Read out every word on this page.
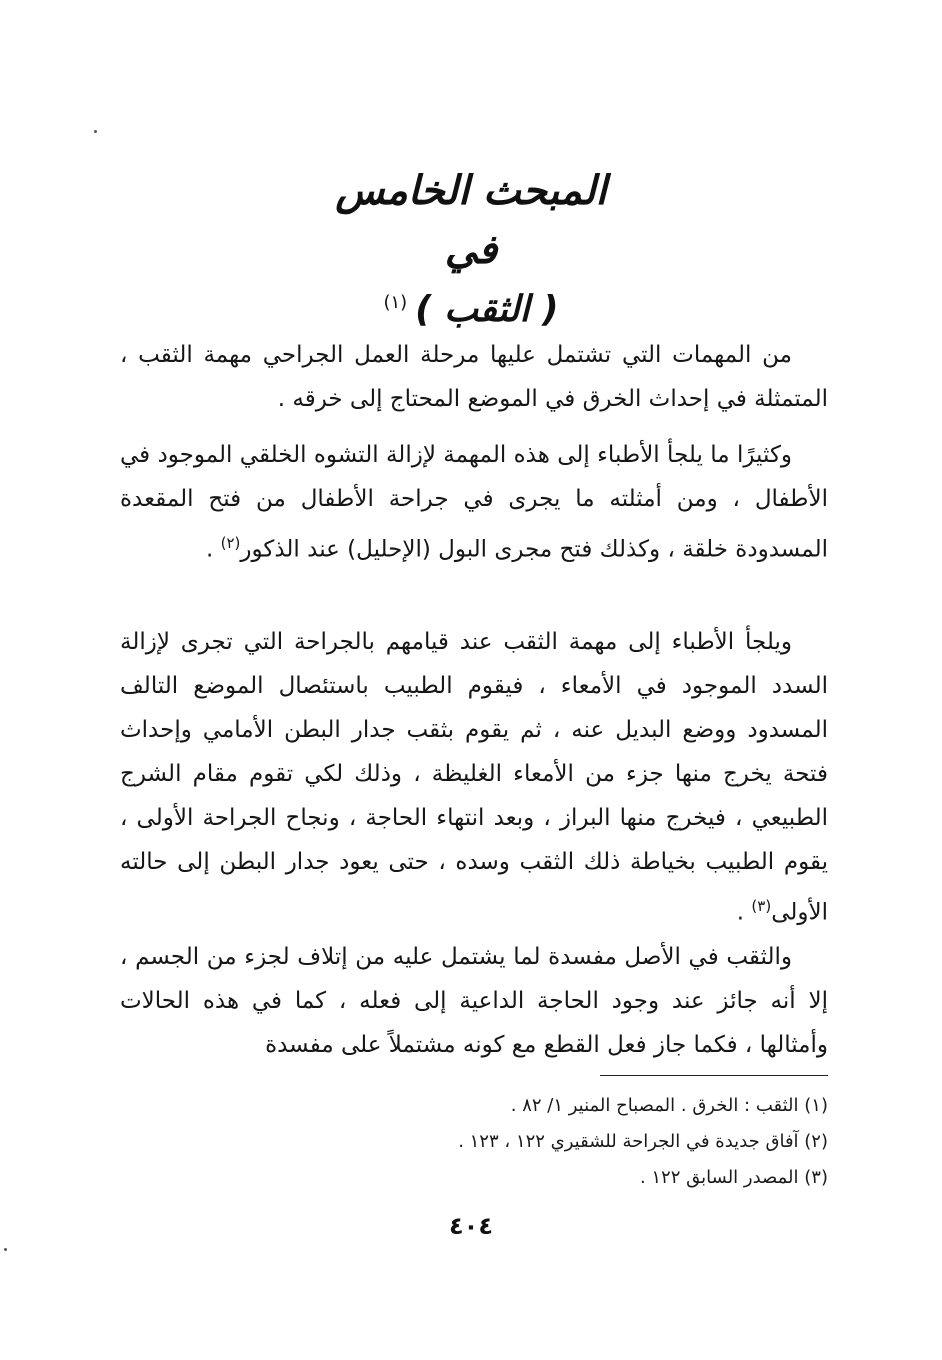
المبحث الخامس
في
( الثقب )$^{(١)}$

من المهمات التي تشتمل عليها مرحلة العمل الجراحي مهمة الثقب ، المتمثلة في إحداث الخرق في الموضع المحتاج إلى خرقه .

وكثيرًا ما يلجأ الأطباء إلى هذه المهمة لإزالة التشوه الخلقي الموجود في الأطفال ، ومن أمثلته ما يجرى في جراحة الأطفال من فتح المقعدة المسدودة خلقة ، وكذلك فتح مجرى البول (الإحليل) عند الذكور$^{(٢)}$ .

ويلجأ الأطباء إلى مهمة الثقب عند قيامهم بالجراحة التي تجرى لإزالة السدد الموجود في الأمعاء ، فيقوم الطبيب باستئصال الموضع التالف المسدود ووضع البديل عنه ، ثم يقوم بثقب جدار البطن الأمامي وإحداث فتحة يخرج منها جزء من الأمعاء الغليظة ، وذلك لكي تقوم مقام الشرج الطبيعي ، فيخرج منها البراز ، وبعد انتهاء الحاجة ، ونجاح الجراحة الأولى ، يقوم الطبيب بخياطة ذلك الثقب وسده ، حتى يعود جدار البطن إلى حالته الأولى$^{(٣)}$ .

والثقب في الأصل مفسدة لما يشتمل عليه من إتلاف لجزء من الجسم ، إلا أنه جائز عند وجود الحاجة الداعية إلى فعله ، كما في هذه الحالات وأمثالها ، فكما جاز فعل القطع مع كونه مشتملاً على مفسدة

(١) الثقب : الخرق . المصباح المنير ١/ ٨٢ .

(٢) آفاق جديدة في الجراحة للشقيري ١٢٢ ، ١٢٣ .

(٣) المصدر السابق ١٢٢ .

٤٠٤
